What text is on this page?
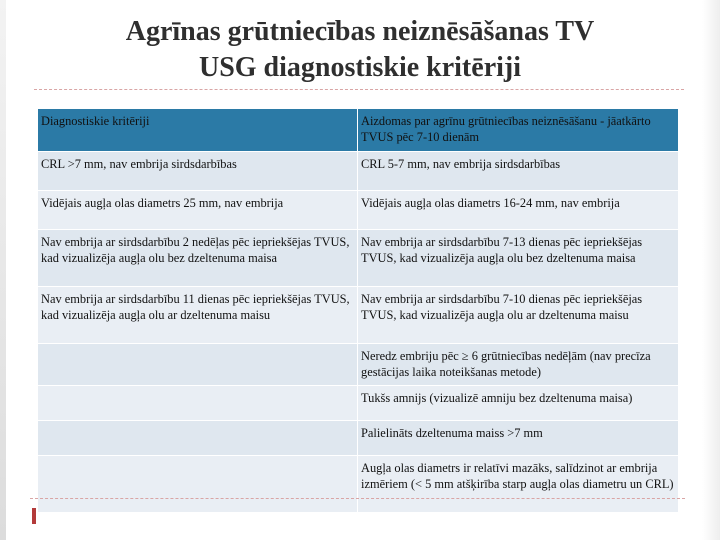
Agrīnas grūtniecības neiznēsāšanas TV
USG diagnostiskie kritēriji
Diagnostiskie kritēriji	Aizdomas par agrīnu grūtniecības neiznēsāšanu - jāatkārto TVUS pēc 7-10 dienām
CRL >7 mm, nav embrija sirdsdarbības	CRL 5-7 mm, nav embrija sirdsdarbības
Vidējais augļa olas diametrs 25 mm, nav embrija	Vidējais augļa olas diametrs 16-24 mm, nav embrija
Nav embrija ar sirdsdarbību 2 nedēļas pēc iepriekšējas TVUS, kad vizualizēja augļa olu bez dzeltenuma maisa	Nav embrija ar sirdsdarbību 7-13 dienas pēc iepriekšējas TVUS, kad vizualizēja augļa olu bez dzeltenuma maisa
Nav embrija ar sirdsdarbību 11 dienas pēc iepriekšējas TVUS, kad vizualizēja augļa olu ar dzeltenuma maisu	Nav embrija ar sirdsdarbību 7-10 dienas pēc iepriekšējas TVUS, kad vizualizēja augļa olu ar dzeltenuma maisu
	Neredz embriju pēc ≥ 6 grūtniecības nedēļām (nav precīza gestācijas laika noteikšanas metode)
	Tukšs amnijs (vizualizē amniju bez dzeltenuma maisa)
	Palielināts dzeltenuma maiss >7 mm
	Augļa olas diametrs ir relatīvi mazāks, salīdzinot ar embrija izmēriem (< 5 mm atšķirība starp augļa olas diametru un CRL)
